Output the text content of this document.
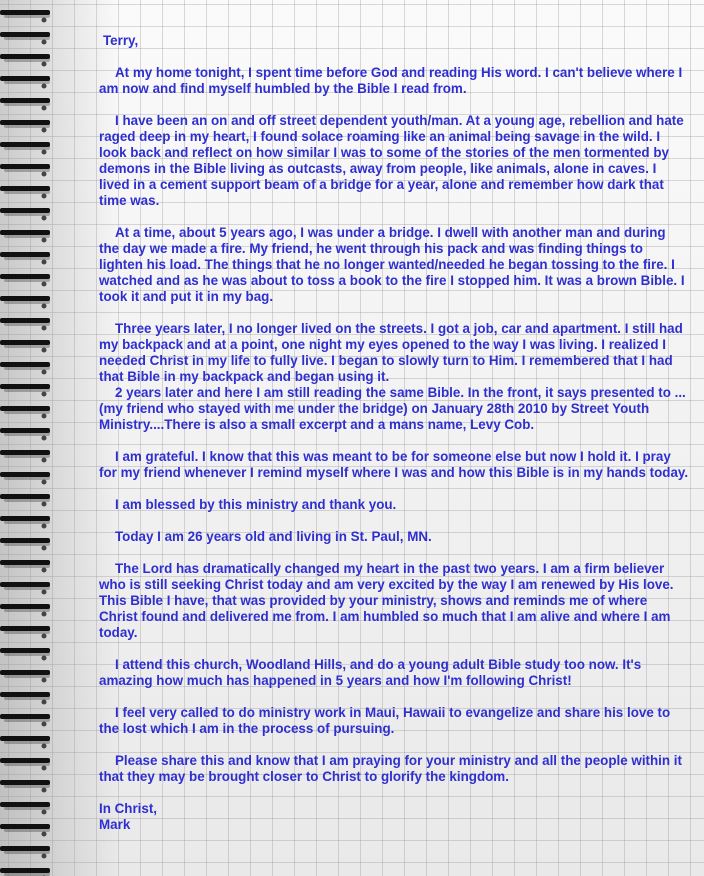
Terry,

At my home tonight, I spent time before God and reading His word. I can't believe where I am now and find myself humbled by the Bible I read from.

I have been an on and off street dependent youth/man. At a young age, rebellion and hate raged deep in my heart, I found solace roaming like an animal being savage in the wild. I look back and reflect on how similar I was to some of the stories of the men tormented by demons in the Bible living as outcasts, away from people, like animals, alone in caves. I lived in a cement support beam of a bridge for a year, alone and remember how dark that time was.

At a time, about 5 years ago, I was under a bridge. I dwell with another man and during the day we made a fire. My friend, he went through his pack and was finding things to lighten his load. The things that he no longer wanted/needed he began tossing to the fire. I watched and as he was about to toss a book to the fire I stopped him. It was a brown Bible. I took it and put it in my bag.

Three years later, I no longer lived on the streets. I got a job, car and apartment. I still had my backpack and at a point, one night my eyes opened to the way I was living. I realized I needed Christ in my life to fully live. I began to slowly turn to Him. I remembered that I had that Bible in my backpack and began using it.

2 years later and here I am still reading the same Bible. In the front, it says presented to ...(my friend who stayed with me under the bridge) on January 28th 2010 by Street Youth Ministry....There is also a small excerpt and a mans name, Levy Cob.

I am grateful. I know that this was meant to be for someone else but now I hold it. I pray for my friend whenever I remind myself where I was and how this Bible is in my hands today.

I am blessed by this ministry and thank you.

Today I am 26 years old and living in St. Paul, MN.

The Lord has dramatically changed my heart in the past two years. I am a firm believer who is still seeking Christ today and am very excited by the way I am renewed by His love. This Bible I have, that was provided by your ministry, shows and reminds me of where Christ found and delivered me from. I am humbled so much that I am alive and where I am today.

I attend this church, Woodland Hills, and do a young adult Bible study too now. It's amazing how much has happened in 5 years and how I'm following Christ!

I feel very called to do ministry work in Maui, Hawaii to evangelize and share his love to the lost which I am in the process of pursuing.

Please share this and know that I am praying for your ministry and all the people within it that they may be brought closer to Christ to glorify the kingdom.

In Christ,

Mark
